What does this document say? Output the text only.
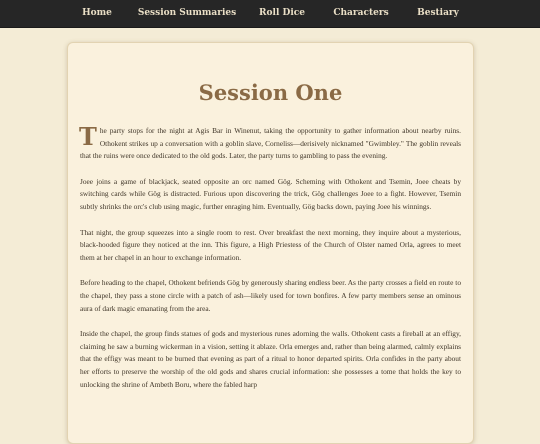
Home	Session Summaries	Roll Dice	Characters	Bestiary
Session One

The party stops for the night at Agis Bar in Winenut, taking the opportunity to gather information about nearby ruins. Othokent strikes up a conversation with a goblin slave, Corneliss—derisively nicknamed "Gwimbley." The goblin reveals that the ruins were once dedicated to the old gods. Later, the party turns to gambling to pass the evening.

Joee joins a game of blackjack, seated opposite an orc named Gög. Scheming with Othokent and Tsemin, Joee cheats by switching cards while Gög is distracted. Furious upon discovering the trick, Gög challenges Joee to a fight. However, Tsemin subtly shrinks the orc's club using magic, further enraging him. Eventually, Gög backs down, paying Joee his winnings.

That night, the group squeezes into a single room to rest. Over breakfast the next morning, they inquire about a mysterious, black-hooded figure they noticed at the inn. This figure, a High Priestess of the Church of Olster named Orla, agrees to meet them at her chapel in an hour to exchange information.

Before heading to the chapel, Othokent befriends Gög by generously sharing endless beer. As the party crosses a field en route to the chapel, they pass a stone circle with a patch of ash—likely used for town bonfires. A few party members sense an ominous aura of dark magic emanating from the area.

Inside the chapel, the group finds statues of gods and mysterious runes adorning the walls. Othokent casts a fireball at an effigy, claiming he saw a burning wickerman in a vision, setting it ablaze. Orla emerges and, rather than being alarmed, calmly explains that the effigy was meant to be burned that evening as part of a ritual to honor departed spirits. Orla confides in the party about her efforts to preserve the worship of the old gods and shares crucial information: she possesses a tome that holds the key to unlocking the shrine of Ambeth Boru, where the fabled harp
